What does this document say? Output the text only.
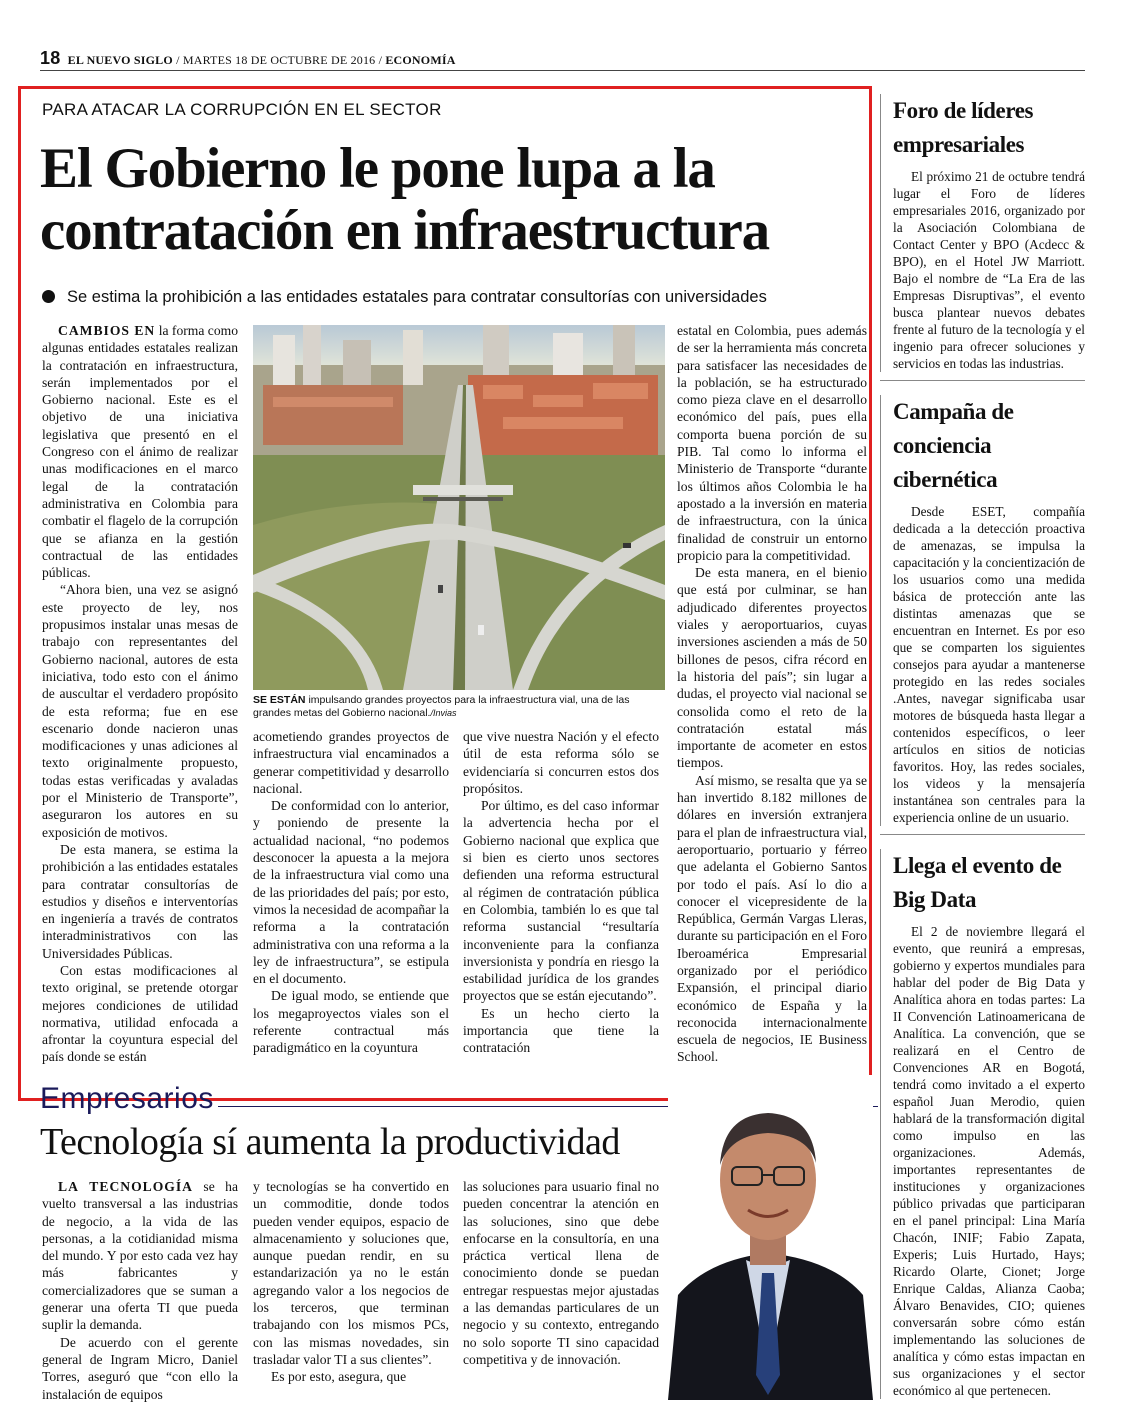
18 EL NUEVO SIGLO / MARTES 18 DE OCTUBRE DE 2016 / ECONOMÍA
PARA ATACAR LA CORRUPCIÓN EN EL SECTOR
El Gobierno le pone lupa a la
contratación en infraestructura
Se estima la prohibición a las entidades estatales para contratar consultorías con universidades

CAMBIOS EN la forma como algunas entidades estatales realizan la contratación en infraestructura, serán implementados por el Gobierno nacional. Este es el objetivo de una iniciativa legislativa que presentó en el Congreso con el ánimo de realizar unas modificaciones en el marco legal de la contratación administrativa en Colombia para combatir el flagelo de la corrupción que se afianza en la gestión contractual de las entidades públicas.

“Ahora bien, una vez se asignó este proyecto de ley, nos propusimos instalar unas mesas de trabajo con representantes del Gobierno nacional, autores de esta iniciativa, todo esto con el ánimo de auscultar el verdadero propósito de esta reforma; fue en ese escenario donde nacieron unas modificaciones y unas adiciones al texto originalmente propuesto, todas estas verificadas y avaladas por el Ministerio de Transporte”, aseguraron los autores en su exposición de motivos.

De esta manera, se estima la prohibición a las entidades estatales para contratar consultorías de estudios y diseños e interventorías en ingeniería a través de contratos interadministrativos con las Universidades Públicas.

Con estas modificaciones al texto original, se pretende otorgar mejores condiciones de utilidad normativa, utilidad enfocada a afrontar la coyuntura especial del país donde se están

SE ESTÁN impulsando grandes proyectos para la infraestructura vial, una de las grandes metas del Gobierno nacional./Invias

acometiendo grandes proyectos de infraestructura vial encaminados a generar competitividad y desarrollo nacional.

De conformidad con lo anterior, y poniendo de presente la actualidad nacional, “no podemos desconocer la apuesta a la mejora de la infraestructura vial como una de las prioridades del país; por esto, vimos la necesidad de acompañar la reforma a la contratación administrativa con una reforma a la ley de infraestructura”, se estipula en el documento.

De igual modo, se entiende que los megaproyectos viales son el referente contractual más paradigmático en la coyuntura

que vive nuestra Nación y el efecto útil de esta reforma sólo se evidenciaría si concurren estos dos propósitos.

Por último, es del caso informar la advertencia hecha por el Gobierno nacional que explica que si bien es cierto unos sectores defienden una reforma estructural al régimen de contratación pública en Colombia, también lo es que tal reforma sustancial “resultaría inconveniente para la confianza inversionista y pondría en riesgo la estabilidad jurídica de los grandes proyectos que se están ejecutando”.

Es un hecho cierto la importancia que tiene la contratación

estatal en Colombia, pues además de ser la herramienta más concreta para satisfacer las necesidades de la población, se ha estructurado como pieza clave en el desarrollo económico del país, pues ella comporta buena porción de su PIB. Tal como lo informa el Ministerio de Transporte “durante los últimos años Colombia le ha apostado a la inversión en materia de infraestructura, con la única finalidad de construir un entorno propicio para la competitividad.

De esta manera, en el bienio que está por culminar, se han adjudicado diferentes proyectos viales y aeroportuarios, cuyas inversiones ascienden a más de 50 billones de pesos, cifra récord en la historia del país”; sin lugar a dudas, el proyecto vial nacional se consolida como el reto de la contratación estatal más importante de acometer en estos tiempos.

Así mismo, se resalta que ya se han invertido 8.182 millones de dólares en inversión extranjera para el plan de infraestructura vial, aeroportuario, portuario y férreo que adelanta el Gobierno Santos por todo el país. Así lo dio a conocer el vicepresidente de la República, Germán Vargas Lleras, durante su participación en el Foro Iberoamérica Empresarial organizado por el periódico Expansión, el principal diario económico de España y la reconocida internacionalmente escuela de negocios, IE Business School.

Foro de líderes empresariales

El próximo 21 de octubre tendrá lugar el Foro de líderes empresariales 2016, organizado por la Asociación Colombiana de Contact Center y BPO (Acdecc & BPO), en el Hotel JW Marriott. Bajo el nombre de “La Era de las Empresas Disruptivas”, el evento busca plantear nuevos debates frente al futuro de la tecnología y el ingenio para ofrecer soluciones y servicios en todas las industrias.

Campaña de conciencia cibernética

Desde ESET, compañía dedicada a la detección proactiva de amenazas, se impulsa la capacitación y la concientización de los usuarios como una medida básica de protección ante las distintas amenazas que se encuentran en Internet. Es por eso que se comparten los siguientes consejos para ayudar a mantenerse protegido en las redes sociales .Antes, navegar significaba usar motores de búsqueda hasta llegar a contenidos específicos, o leer artículos en sitios de noticias favoritos. Hoy, las redes sociales, los videos y la mensajería instantánea son centrales para la experiencia online de un usuario.

Llega el evento de Big Data

El 2 de noviembre llegará el evento, que reunirá a empresas, gobierno y expertos mundiales para hablar del poder de Big Data y Analítica ahora en todas partes: La II Convención Latinoamericana de Analítica. La convención, que se realizará en el Centro de Convenciones AR en Bogotá, tendrá como invitado a el experto español Juan Merodio, quien hablará de la transformación digital como impulso en las organizaciones. Además, importantes representantes de instituciones y organizaciones público privadas que participaran en el panel principal: Lina María Chacón, INIF; Fabio Zapata, Experis; Luis Hurtado, Hays; Ricardo Olarte, Cionet; Jorge Enrique Caldas, Alianza Caoba; Álvaro Benavides, CIO; quienes conversarán sobre cómo están implementando las soluciones de analítica y cómo estas impactan en sus organizaciones y el sector económico al que pertenecen.

Empresarios
Tecnología sí aumenta la productividad

LA TECNOLOGÍA se ha vuelto transversal a las industrias de negocio, a la vida de las personas, a la cotidianidad misma del mundo. Y por esto cada vez hay más fabricantes y comercializadores que se suman a generar una oferta TI que pueda suplir la demanda.

De acuerdo con el gerente general de Ingram Micro, Daniel Torres, aseguró que “con ello la instalación de equipos

y tecnologías se ha convertido en un commoditie, donde todos pueden vender equipos, espacio de almacenamiento y soluciones que, aunque puedan rendir, en su estandarización ya no le están agregando valor a los negocios de los terceros, que terminan trabajando con los mismos PCs, con las mismas novedades, sin trasladar valor TI a sus clientes”.

Es por esto, asegura, que

las soluciones para usuario final no pueden concentrar la atención en las soluciones, sino que debe enfocarse en la consultoría, en una práctica vertical llena de conocimiento donde se puedan entregar respuestas mejor ajustadas a las demandas particulares de un negocio y su contexto, entregando no solo soporte TI sino capacidad competitiva y de innovación.
